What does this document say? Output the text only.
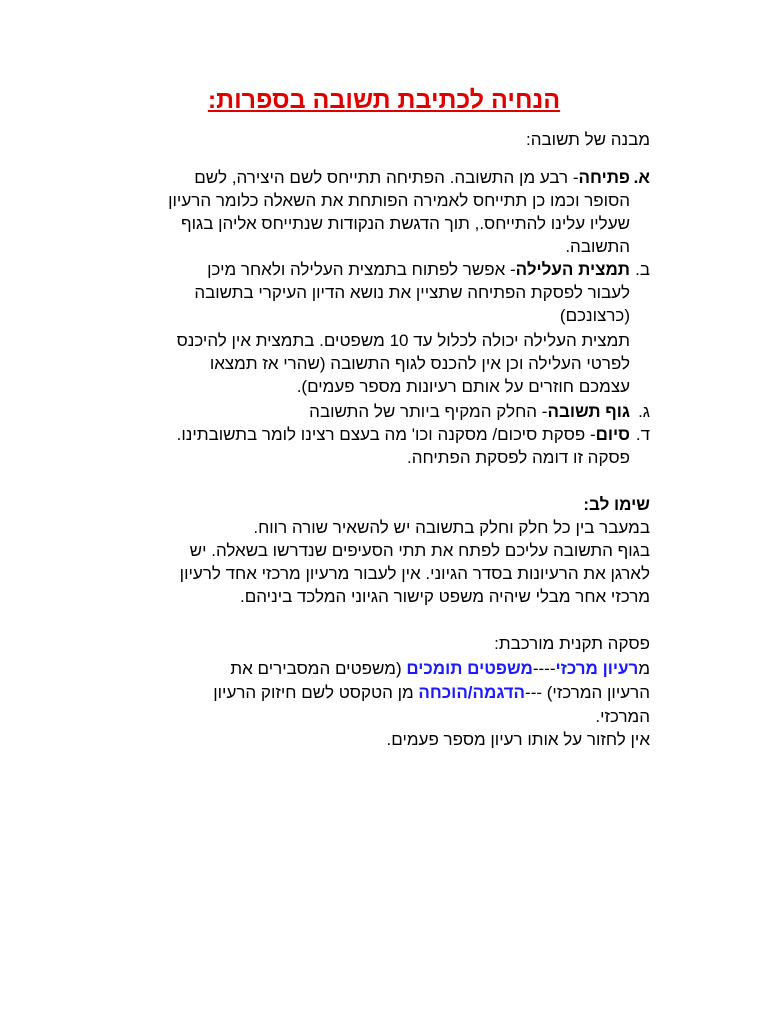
הנחיה לכתיבת תשובה בספרות:
מבנה של תשובה:
א.
פתיחה- רבע מן התשובה. הפתיחה תתייחס לשם היצירה, לשם
הסופר וכמו כן תתייחס לאמירה הפותחת את השאלה כלומר הרעיון
שעליו עלינו להתייחס., תוך הדגשת הנקודות שנתייחס אליהן בגוף
התשובה.
ב.
תמצית העלילה- אפשר לפתוח בתמצית העלילה ולאחר מיכן
לעבור לפסקת הפתיחה שתציין את נושא הדיון העיקרי בתשובה
(כרצונכם)
תמצית העלילה יכולה לכלול עד 10 משפטים. בתמצית אין להיכנס
לפרטי העלילה וכן אין להכנס לגוף התשובה (שהרי אז תמצאו
עצמכם חוזרים על אותם רעיונות מספר פעמים).
ג.
גוף תשובה- החלק המקיף ביותר של התשובה
ד.
סיום- פסקת סיכום/ מסקנה וכו' מה בעצם רצינו לומר בתשובתינו.
פסקה זו דומה לפסקת הפתיחה.
שימו לב:
במעבר בין כל חלק וחלק בתשובה יש להשאיר שורה רווח.
בגוף התשובה עליכם לפתח את תתי הסעיפים שנדרשו בשאלה. יש
לארגן את הרעיונות בסדר הגיוני. אין לעבור מרעיון מרכזי אחד לרעיון
מרכזי אחר מבלי שיהיה משפט קישור הגיוני המלכד ביניהם.
פסקה תקנית מורכבת:
מרעיון מרכזי----משפטים תומכים (משפטים המסבירים את
הרעיון המרכזי) ---הדגמה/הוכחה מן הטקסט לשם חיזוק הרעיון
המרכזי.
אין לחזור על אותו רעיון מספר פעמים.
